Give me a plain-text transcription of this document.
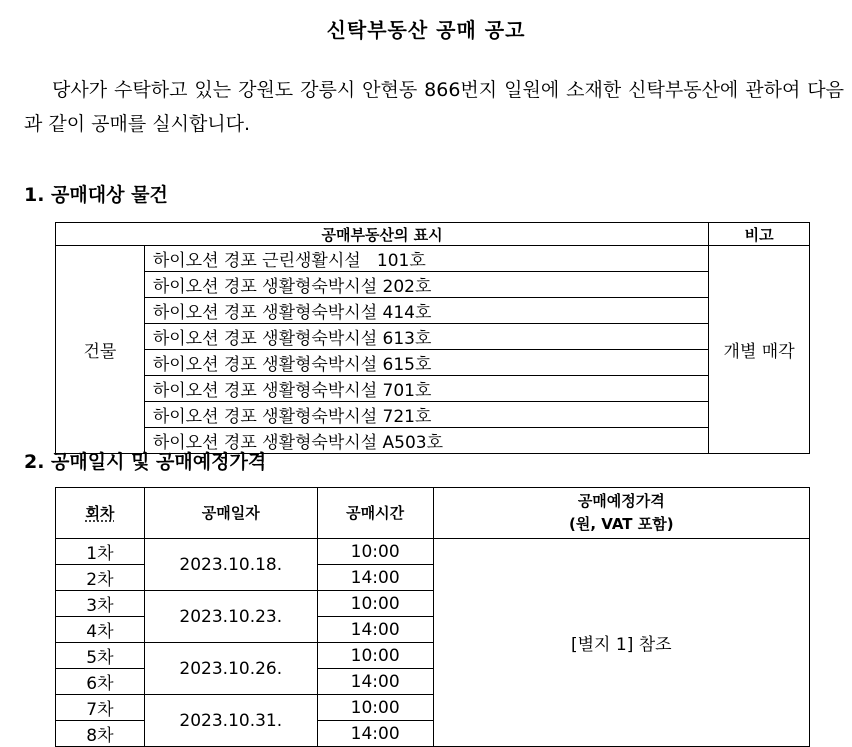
신탁부동산 공매 공고

당사가 수탁하고 있는 강원도 강릉시 안현동 866번지 일원에 소재한 신탁부동산에 관하여 다음과 같이 공매를 실시합니다.

1. 공매대상 물건
공매부동산의 표시		비고
건물	하이오션 경포 근린생활시설   101호	개별 매각
	하이오션 경포 생활형숙박시설 202호	
	하이오션 경포 생활형숙박시설 414호	
	하이오션 경포 생활형숙박시설 613호	
	하이오션 경포 생활형숙박시설 615호	
	하이오션 경포 생활형숙박시설 701호	
	하이오션 경포 생활형숙박시설 721호	
	하이오션 경포 생활형숙박시설 A503호	
2. 공매일시 및 공매예정가격
회차	공매일자	공매시간	공매예정가격
(원, VAT 포함)
1차	2023.10.18.	10:00	[별지 1] 참조
2차		14:00	
3차	2023.10.23.	10:00	
4차		14:00	
5차	2023.10.26.	10:00	
6차		14:00	
7차	2023.10.31.	10:00	
8차		14:00	
